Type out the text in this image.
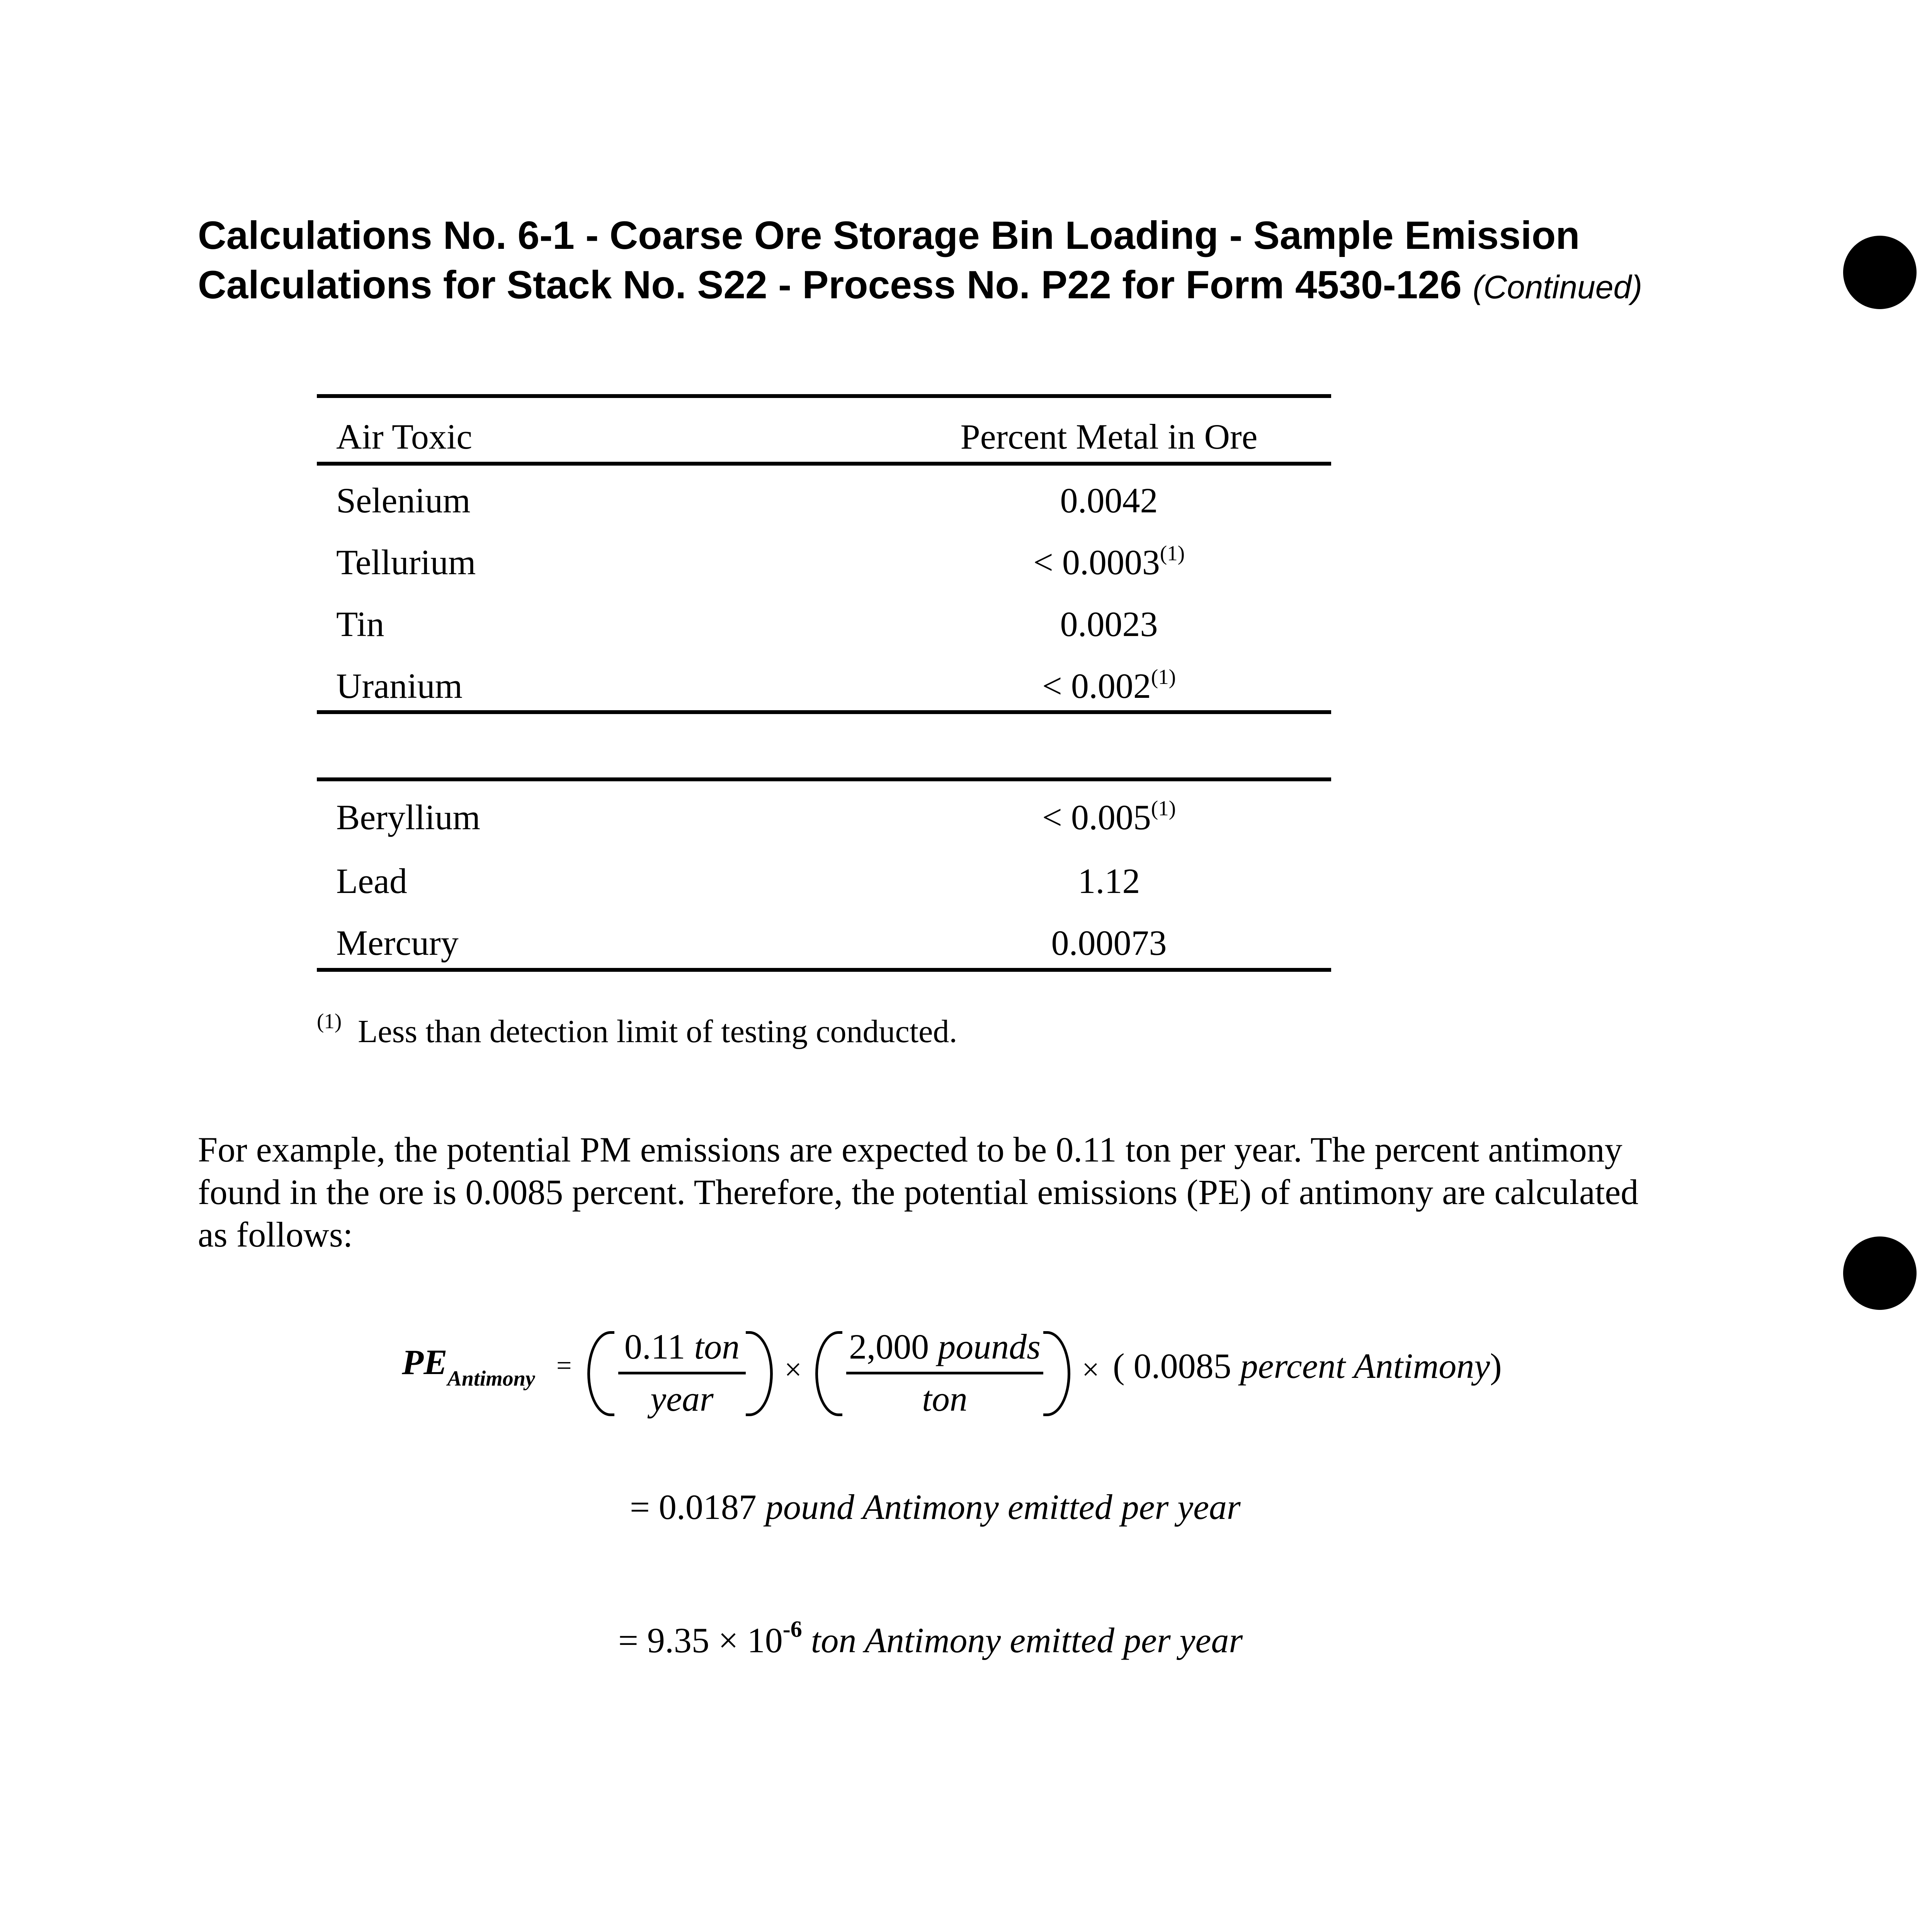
Calculations No. 6-1 - Coarse Ore Storage Bin Loading - Sample Emission
Calculations for Stack No. S22 - Process No. P22 for Form 4530-126 (Continued)
Air Toxic	Percent Metal in Ore
Selenium	0.0042
Tellurium	< $0.0003^{(1)}$
Tin	0.0023
Uranium	< $0.002^{(1)}$
Beryllium	< $0.005^{(1)}$
Lead	1.12
Mercury	0.00073
$^{(1)}$ Less than detection limit of testing conducted.
For example, the potential PM emissions are expected to be 0.11 ton per year. The percent antimony found in the ore is 0.0085 percent. Therefore, the potential emissions (PE) of antimony are calculated as follows:
$PE_{Antimony} = 0.11$ ton
year
×
2,000 pounds
ton
× ( 0.0085 percent Antimony)
= 0.0187 pound Antimony emitted per year
= $9.35 \times 10^{-6}$ ton Antimony emitted per year
